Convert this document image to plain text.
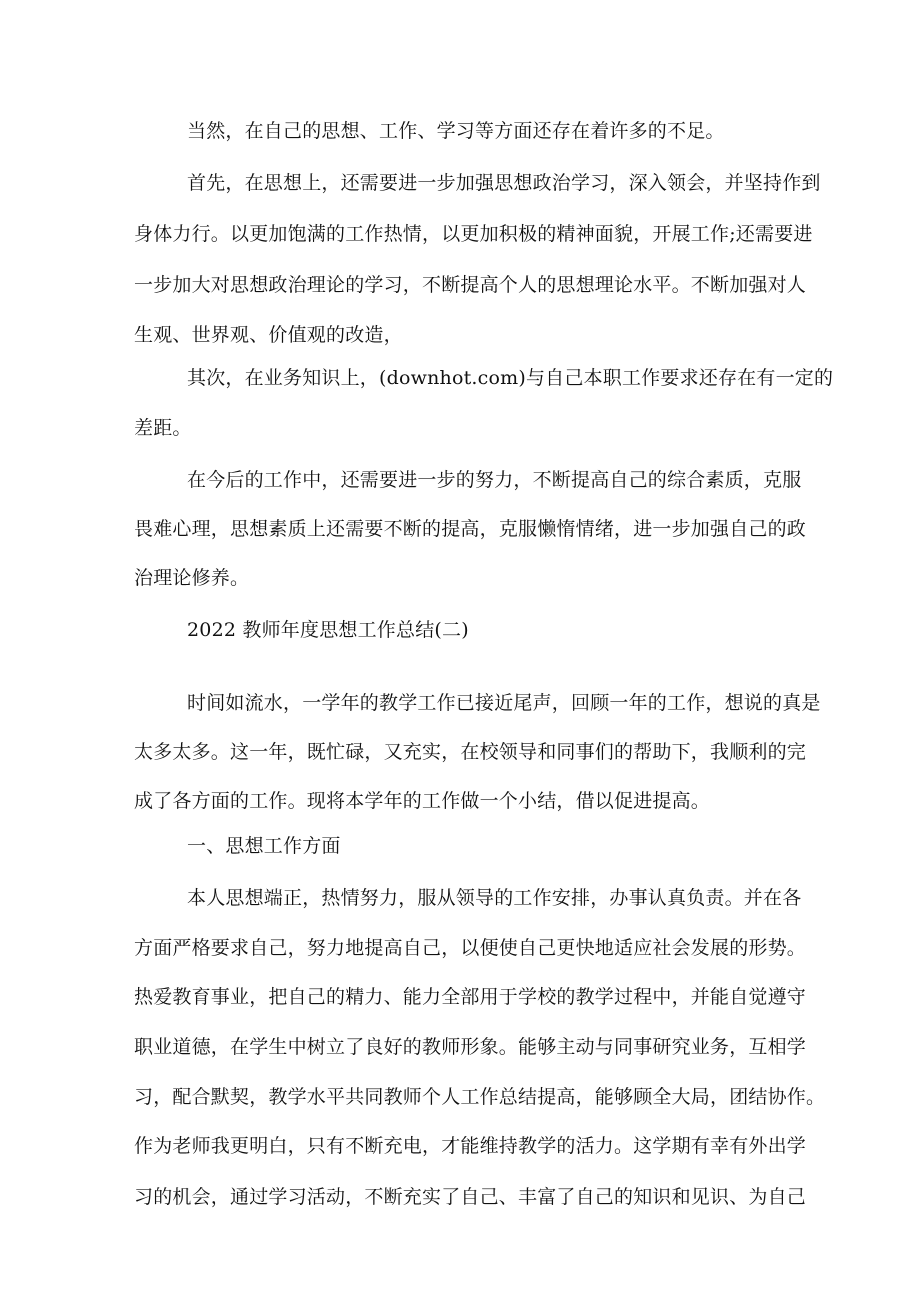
当然，在自己的思想、工作、学习等方面还存在着许多的不足。
首先，在思想上，还需要进一步加强思想政治学习，深入领会，并坚持作到
身体力行。以更加饱满的工作热情，以更加积极的精神面貌，开展工作;还需要进
一步加大对思想政治理论的学习，不断提高个人的思想理论水平。不断加强对人
生观、世界观、价值观的改造，
其次，在业务知识上，(downhot.com)与自己本职工作要求还存在有一定的
差距。
在今后的工作中，还需要进一步的努力，不断提高自己的综合素质，克服
畏难心理，思想素质上还需要不断的提高，克服懒惰情绪，进一步加强自己的政
治理论修养。
2022 教师年度思想工作总结(二)
时间如流水，一学年的教学工作已接近尾声，回顾一年的工作，想说的真是
太多太多。这一年，既忙碌，又充实，在校领导和同事们的帮助下，我顺利的完
成了各方面的工作。现将本学年的工作做一个小结，借以促进提高。
一、思想工作方面
本人思想端正，热情努力，服从领导的工作安排，办事认真负责。并在各
方面严格要求自己，努力地提高自己，以便使自己更快地适应社会发展的形势。
热爱教育事业，把自己的精力、能力全部用于学校的教学过程中，并能自觉遵守
职业道德，在学生中树立了良好的教师形象。能够主动与同事研究业务，互相学
习，配合默契，教学水平共同教师个人工作总结提高，能够顾全大局，团结协作。
作为老师我更明白，只有不断充电，才能维持教学的活力。这学期有幸有外出学
习的机会，通过学习活动，不断充实了自己、丰富了自己的知识和见识、为自己
